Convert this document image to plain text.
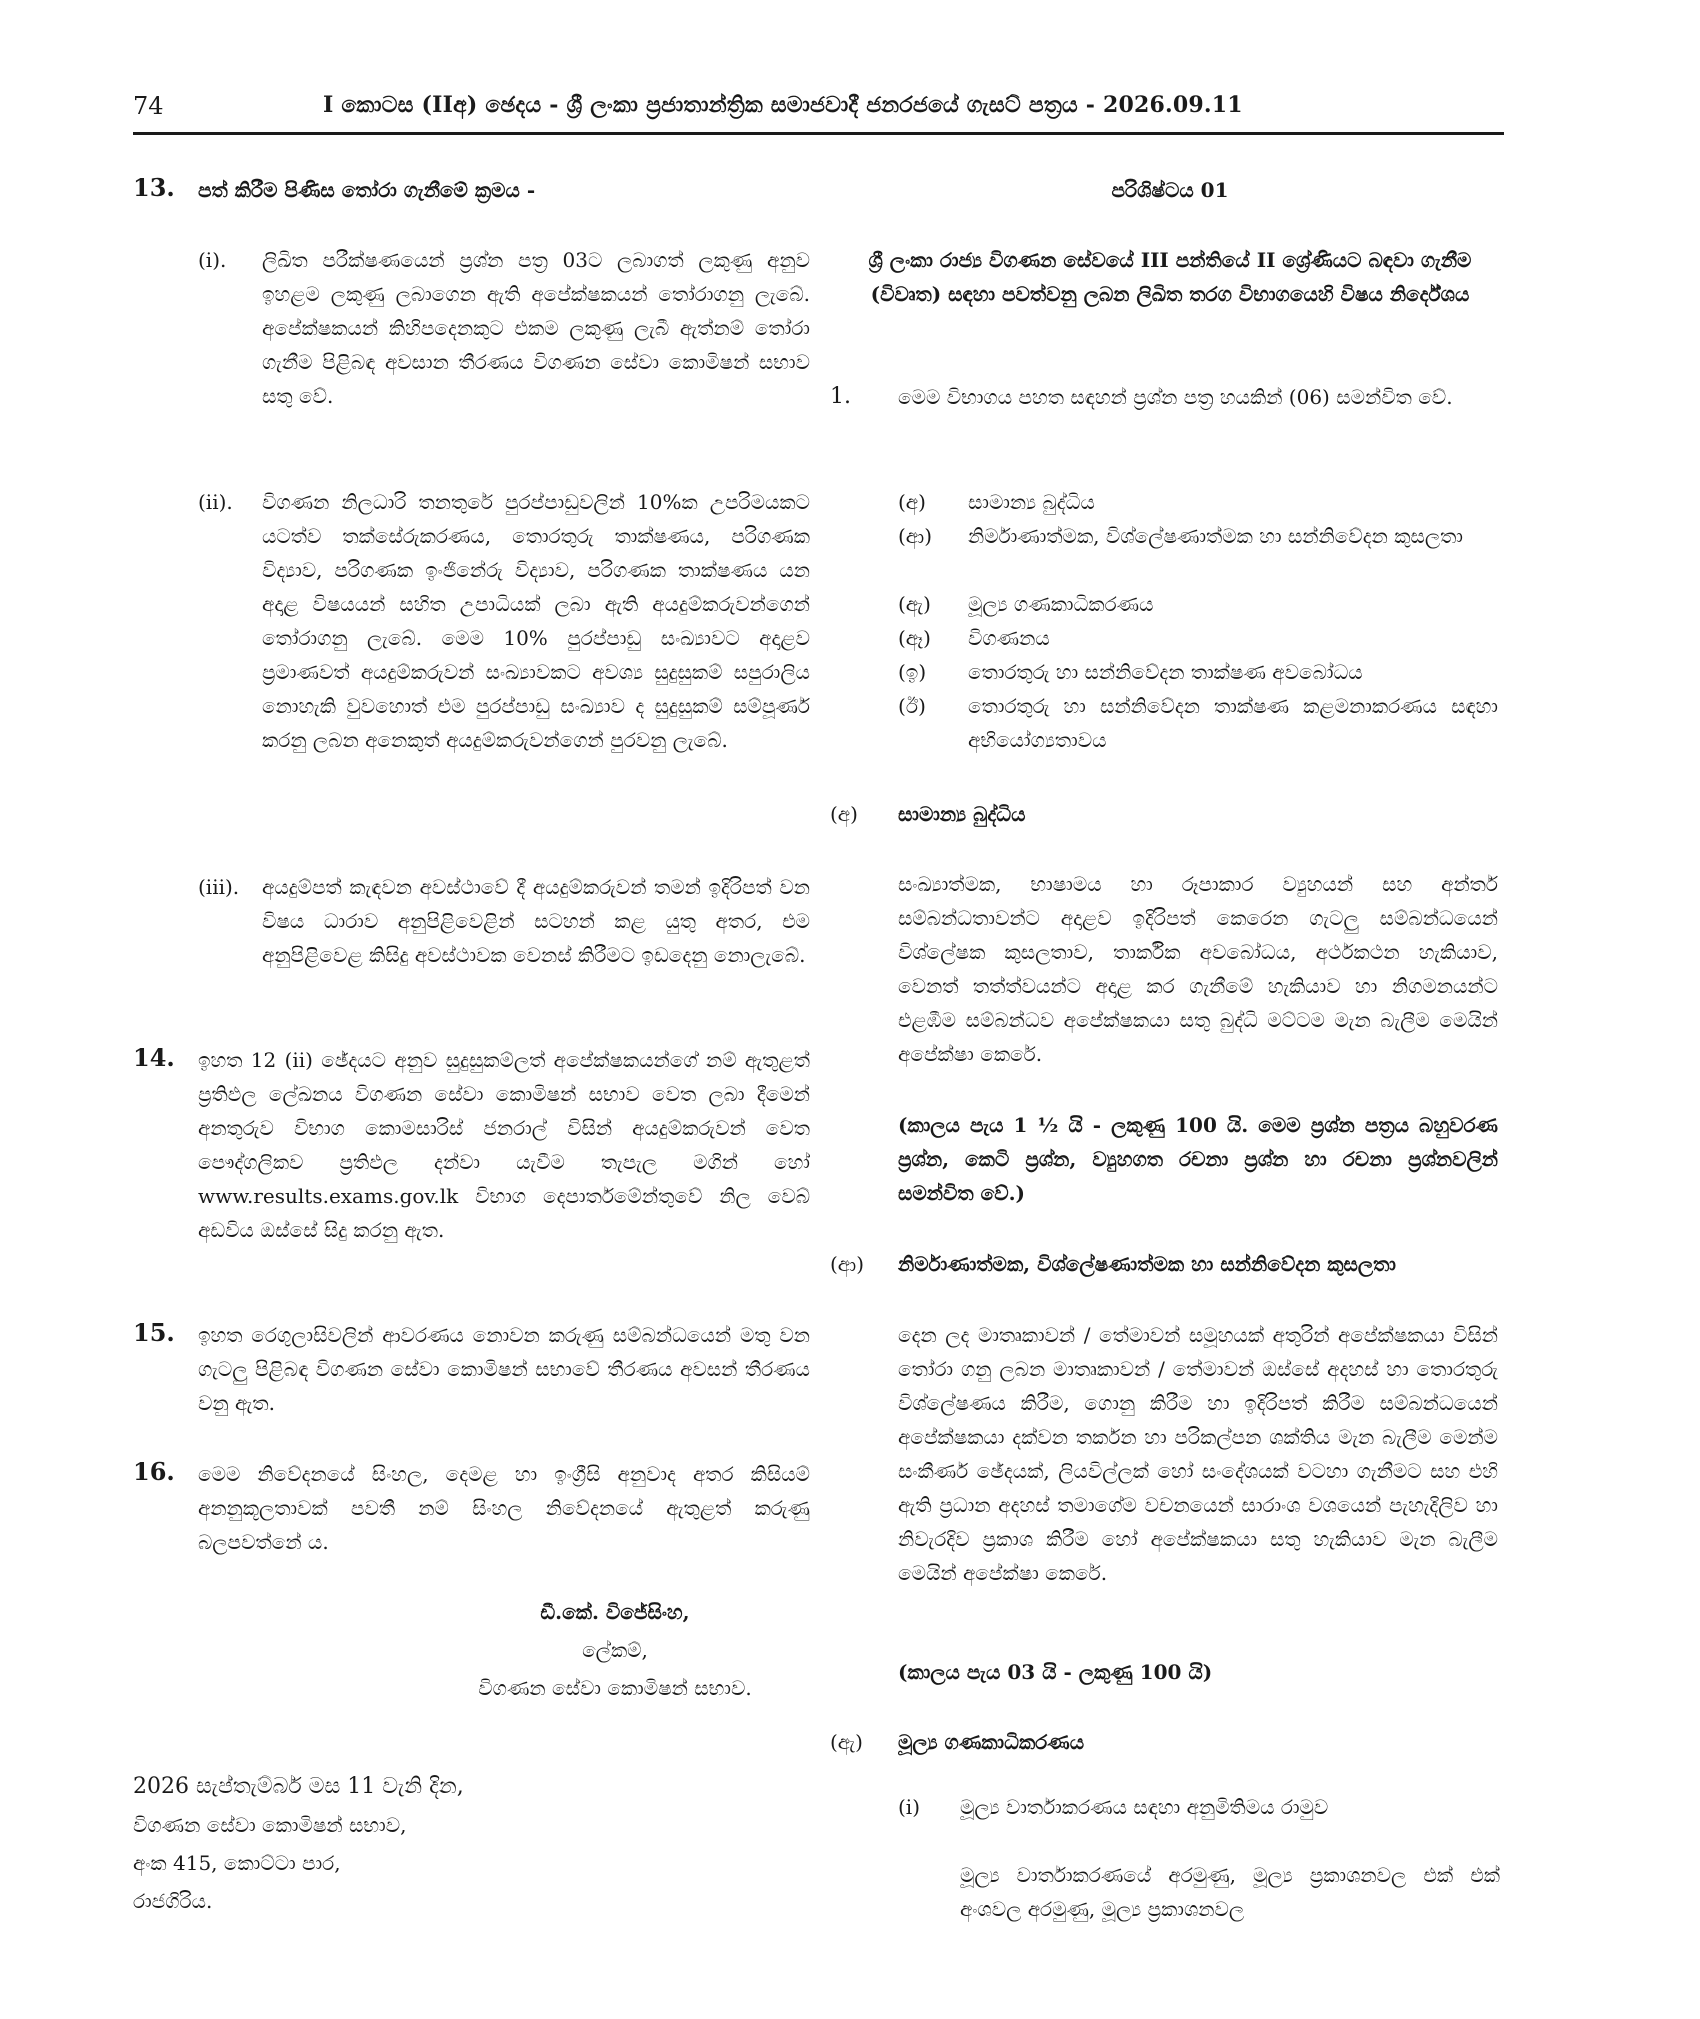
74	I කොටස (IIඅ) ඡෙදය - ශ්‍රී ලංකා ප්‍රජාතාන්ත්‍රික සමාජවාදී ජනරජයේ ගැසට් පත්‍රය - 2026.09.11
13. පත් කිරීම පිණිස තෝරා ගැනීමේ ක්‍රමය -
(i).	ලිඛිත පරීක්ෂණයෙන් ප්‍රශ්න පත්‍ර 03ට ලබාගත් ලකුණු අනුව ඉහළම ලකුණු ලබාගෙන ඇති අපේක්ෂකයන් තෝරාගනු ලැබේ. අපේක්ෂකයන් කිහිපදෙනකුට එකම ලකුණු ලැබී ඇත්නම් තෝරා ගැනීම පිළිබඳ අවසාන තීරණය විගණන සේවා කොමිෂන් සභාව සතු වේ.
(ii).	විගණන නිලධාරි තනතුරේ පුරප්පාඩුවලින් 10%ක උපරිමයකට යටත්ව තක්සේරුකරණය, තොරතුරු තාක්ෂණය, පරිගණක විද්‍යාව, පරිගණක ඉංජිනේරු විද්‍යාව, පරිගණක තාක්ෂණය යන අදාළ විෂයයන් සහිත උපාධියක් ලබා ඇති අයදුම්කරුවන්ගෙන් තෝරාගනු ලැබේ. මෙම 10% පුරප්පාඩු සංඛ්‍යාවට අදාළව ප්‍රමාණවත් අයදුම්කරුවන් සංඛ්‍යාවකට අවශ්‍ය සුදුසුකම් සපුරාලිය නොහැකි වුවහොත් එම පුරප්පාඩු සංඛ්‍යාව ද සුදුසුකම් සම්පූර්ණ කරනු ලබන අනෙකුත් අයදුම්කරුවන්ගෙන් පුරවනු ලැබේ.
(iii).	අයදුම්පත් කැඳවන අවස්ථාවේ දී අයදුම්කරුවන් තමන් ඉදිරිපත් වන විෂය ධාරාව අනුපිළිවෙළින් සටහන් කළ යුතු අතර, එම අනුපිළිවෙළ කිසිදු අවස්ථාවක වෙනස් කිරීමට ඉඩදෙනු නොලැබේ.
14. ඉහත 12 (ii) ඡේදයට අනුව සුදුසුකම්ලත් අපේක්ෂකයන්ගේ නම් ඇතුළත් ප්‍රතිඵල ලේඛනය විගණන සේවා කොමිෂන් සභාව වෙත ලබා දීමෙන් අනතුරුව විභාග කොමසාරිස් ජනරාල් විසින් අයදුම්කරුවන් වෙත පෞද්ගලිකව ප්‍රතිඵල දන්වා යැවීම තැපැල මගින් හෝ www.results.exams.gov.lk විභාග දෙපාර්තමේන්තුවේ නිල වෙබ් අඩවිය ඔස්සේ සිදු කරනු ඇත.
15. ඉහත රෙගුලාසිවලින් ආවරණය නොවන කරුණු සම්බන්ධයෙන් මතු වන ගැටලු පිළිබඳ විගණන සේවා කොමිෂන් සභාවේ තීරණය අවසන් තීරණය වනු ඇත.
16. මෙම නිවේදනයේ සිංහල, දෙමළ හා ඉංග්‍රීසි අනුවාද අතර කිසියම් අනනුකූලතාවක් පවතී නම් සිංහල නිවේදනයේ ඇතුළත් කරුණු බලපවත්නේ ය.
ඩී.කේ. විජේසිංහ,
ලේකම්,
විගණන සේවා කොමිෂන් සභාව.
2026 සැප්තැම්බර් මස 11 වැනි දින,
විගණන සේවා කොමිෂන් සභාව,
අංක 415, කොට්ටා පාර,
රාජගිරිය.
පරිශිෂ්ටය 01
ශ්‍රී ලංකා රාජ්‍ය විගණන සේවයේ III පන්තියේ II ශ්‍රේණියට බඳවා ගැනීම (විවෘත) සඳහා පවත්වනු ලබන ලිඛිත තරග විභාගයෙහි විෂය නිර්දේශය
1.	මෙම විභාගය පහත සඳහන් ප්‍රශ්න පත්‍ර හයකින් (06) සමන්විත වේ.
(අ)	සාමාන්‍ය බුද්ධිය
(ආ)	නිර්මාණාත්මක, විශ්ලේෂණාත්මක හා සන්නිවේදන කුසලතා
(ඇ)	මූල්‍ය ගණකාධිකරණය
(ඈ)	විගණනය
(ඉ)	තොරතුරු හා සන්නිවේදන තාක්ෂණ අවබෝධය
(ඊ)	තොරතුරු හා සන්නිවේදන තාක්ෂණ කළමනාකරණය සඳහා අභියෝග්‍යතාවය
(අ)	සාමාන්‍ය බුද්ධිය
සංඛ්‍යාත්මක, භාෂාමය හා රූපාකාර ව්‍යුහයන් සහ අන්තර් සම්බන්ධතාවන්ට අදාළව ඉදිරිපත් කෙරෙන ගැටලු සම්බන්ධයෙන් විශ්ලේෂක කුසලතාව, තාර්කික අවබෝධය, අර්ථකථන හැකියාව, වෙනත් තත්ත්වයන්ට අදාළ කර ගැනීමේ හැකියාව හා නිගමනයන්ට එළඹීම සම්බන්ධව අපේක්ෂකයා සතු බුද්ධි මට්ටම මැන බැලීම මෙයින් අපේක්ෂා කෙරේ.
(කාලය පැය 1 ½ යි - ලකුණු 100 යි. මෙම ප්‍රශ්න පත්‍රය බහුවරණ ප්‍රශ්න, කෙටි ප්‍රශ්න, ව්‍යුහගත රචනා ප්‍රශ්න හා රචනා ප්‍රශ්නවලින් සමන්විත වේ.)
(ආ)	නිර්මාණාත්මක, විශ්ලේෂණාත්මක හා සන්නිවේදන කුසලතා
දෙන ලද මාතෘකාවන් / තේමාවන් සමූහයක් අතුරින් අපේක්ෂකයා විසින් තෝරා ගනු ලබන මාතෘකාවන් / තේමාවන් ඔස්සේ අදහස් හා තොරතුරු විශ්ලේෂණය කිරීම, ගොනු කිරීම හා ඉදිරිපත් කිරීම සම්බන්ධයෙන් අපේක්ෂකයා දක්වන තර්කන හා පරිකල්පන ශක්තිය මැන බැලීම මෙන්ම සංකීර්ණ ඡේදයක්, ලියවිල්ලක් හෝ සංදේශයක් වටහා ගැනීමට සහ එහි ඇති ප්‍රධාන අදහස් තමාගේම වචනයෙන් සාරාංශ වශයෙන් පැහැදිලිව හා නිවැරදිව ප්‍රකාශ කිරීම හෝ අපේක්ෂකයා සතු හැකියාව මැන බැලීම මෙයින් අපේක්ෂා කෙරේ.
(කාලය පැය 03 යි - ලකුණු 100 යි)
(ඇ)	මූල්‍ය ගණකාධිකරණය
(i)	මූල්‍ය වාර්තාකරණය සඳහා අනුමිතිමය රාමුව
මූල්‍ය වාර්තාකරණයේ අරමුණු, මූල්‍ය ප්‍රකාශනවල එක් එක් අංශවල අරමුණු, මූල්‍ය ප්‍රකාශනවල
